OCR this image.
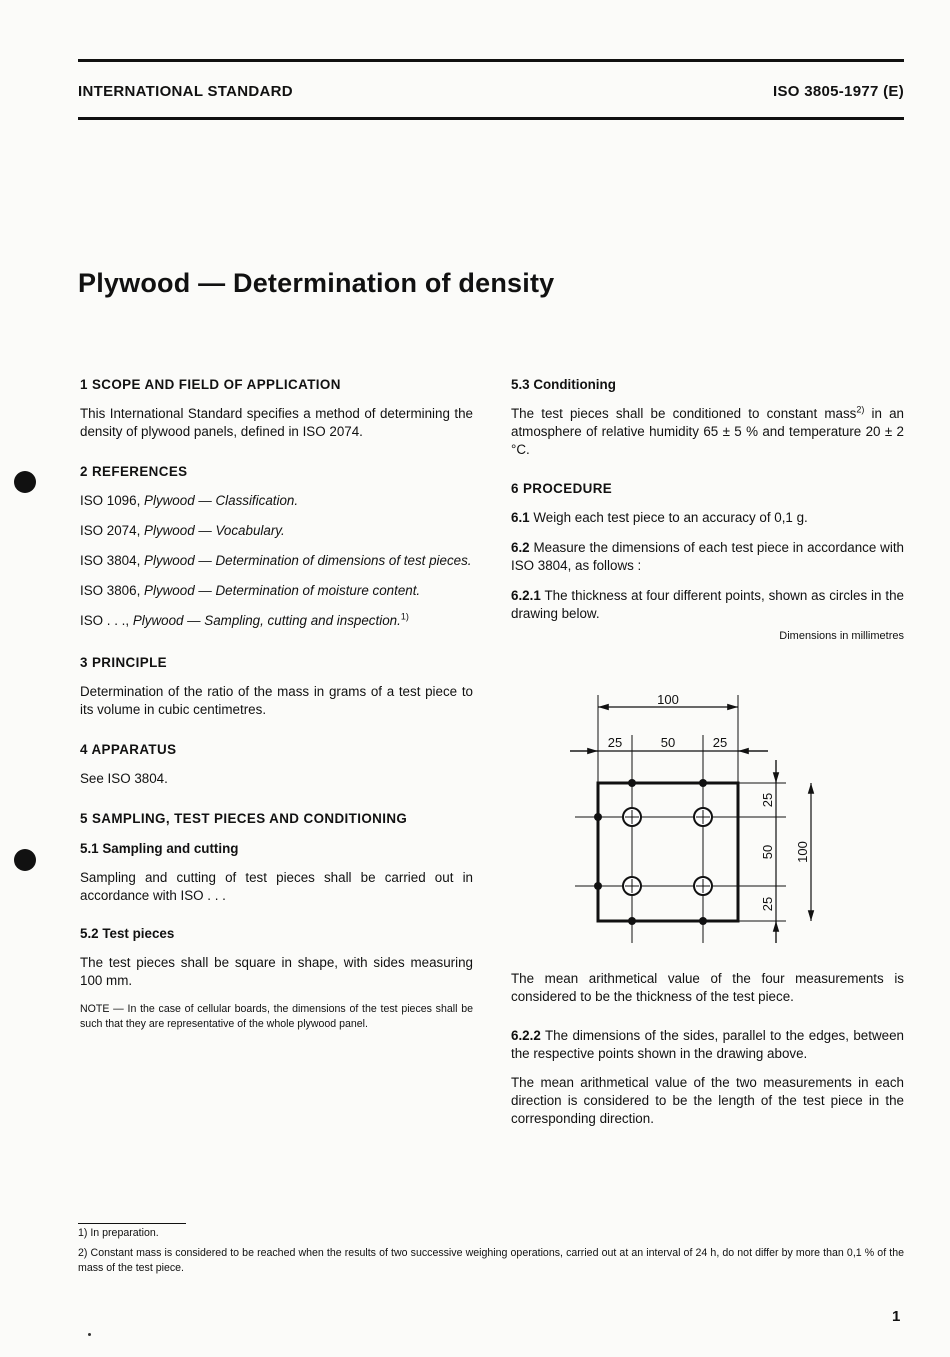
INTERNATIONAL STANDARD	ISO 3805-1977 (E)
Plywood — Determination of density

1 SCOPE AND FIELD OF APPLICATION

This International Standard specifies a method of determining the density of plywood panels, defined in ISO 2074.

2 REFERENCES

ISO 1096, Plywood — Classification.

ISO 2074, Plywood — Vocabulary.

ISO 3804, Plywood — Determination of dimensions of test pieces.

ISO 3806, Plywood — Determination of moisture content.

ISO . . ., Plywood — Sampling, cutting and inspection.$^{1)}$

3 PRINCIPLE

Determination of the ratio of the mass in grams of a test piece to its volume in cubic centimetres.

4 APPARATUS

See ISO 3804.

5 SAMPLING, TEST PIECES AND CONDITIONING

5.1 Sampling and cutting

Sampling and cutting of test pieces shall be carried out in accordance with ISO . . .

5.2 Test pieces

The test pieces shall be square in shape, with sides measuring 100 mm.

NOTE — In the case of cellular boards, the dimensions of the test pieces shall be such that they are representative of the whole plywood panel.

5.3 Conditioning

The test pieces shall be conditioned to constant mass$^{2)}$ in an atmosphere of relative humidity 65 ± 5 % and temperature 20 ± 2 °C.

6 PROCEDURE

6.1 Weigh each test piece to an accuracy of 0,1 g.

6.2 Measure the dimensions of each test piece in accordance with ISO 3804, as follows :

6.2.1 The thickness at four different points, shown as circles in the drawing below.

Dimensions in millimetres

100
25	50	25
25
50
25
100

The mean arithmetical value of the four measurements is considered to be the thickness of the test piece.

6.2.2 The dimensions of the sides, parallel to the edges, between the respective points shown in the drawing above.

The mean arithmetical value of the two measurements in each direction is considered to be the length of the test piece in the corresponding direction.

1) In preparation.
2) Constant mass is considered to be reached when the results of two successive weighing operations, carried out at an interval of 24 h, do not differ by more than 0,1 % of the mass of the test piece.
1
